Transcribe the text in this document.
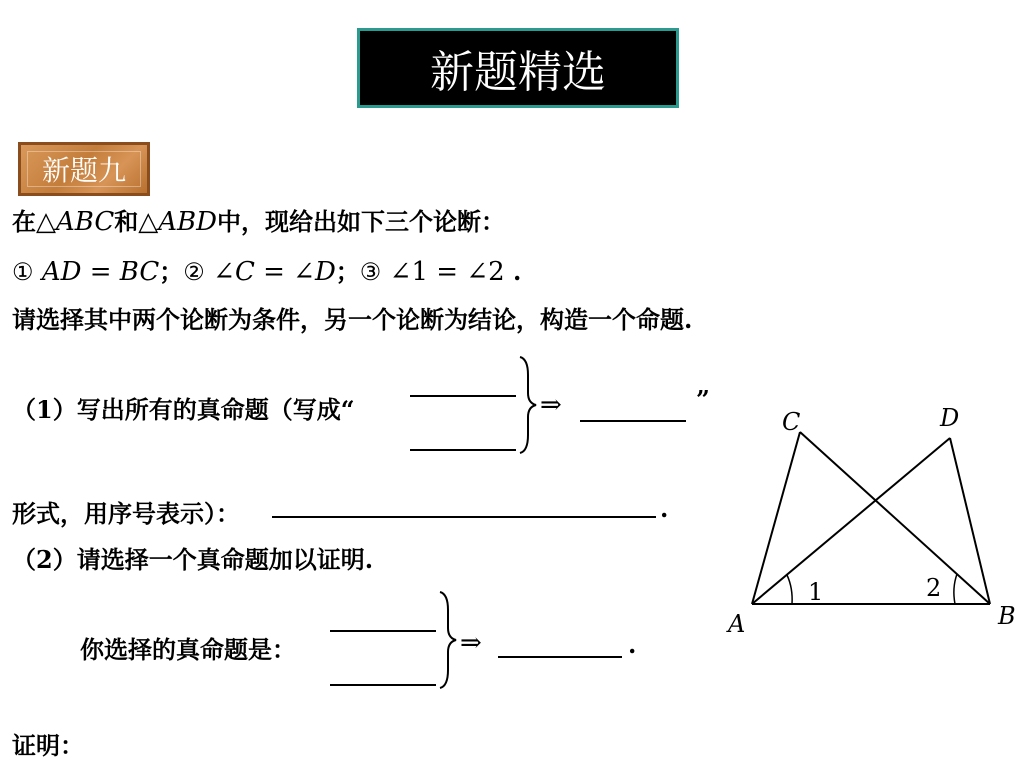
新题精选
新题九
在△ABC和△ABD中，现给出如下三个论断：
① AD = BC；② ∠C = ∠D；③ ∠1 = ∠2 .
请选择其中两个论断为条件，另一个论断为结论，构造一个命题.
（1）写出所有的真命题（写成“	⇒	”
形式，用序号表示）：	.
（2）请选择一个真命题加以证明.
你选择的真命题是：	⇒	.
证明：
A	B
C	D
1	2
